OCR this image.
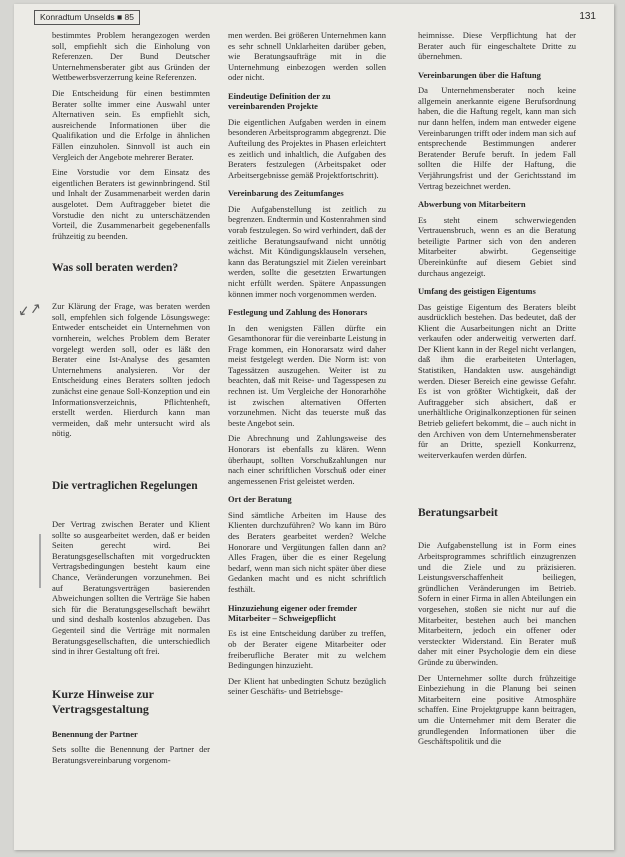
Konradtum Unselds ■ 85	131
↙↗

bestimmtes Problem herangezogen werden soll, empfiehlt sich die Einholung von Referenzen. Der Bund Deutscher Unternehmensberater gibt aus Gründen der Wettbewerbsverzerrung keine Referenzen.

Die Entscheidung für einen bestimmten Berater sollte immer eine Auswahl unter Alternativen sein. Es empfiehlt sich, ausreichende Informationen über die Qualifikation und die Erfolge in ähnlichen Fällen einzuholen. Sinnvoll ist auch ein Vergleich der Angebote mehrerer Berater.

Eine Vorstudie vor dem Einsatz des eigentlichen Beraters ist gewinnbringend. Stil und Inhalt der Zusammenarbeit werden darin ausgelotet. Dem Auftraggeber bietet die Vorstudie den nicht zu unterschätzenden Vorteil, die Zusammenarbeit gegebenenfalls frühzeitig zu beenden.

Was soll beraten werden?

Zur Klärung der Frage, was beraten werden soll, empfehlen sich folgende Lösungswege: Entweder entscheidet ein Unternehmen von vornherein, welches Problem dem Berater vorgelegt werden soll, oder es läßt den Berater eine Ist-Analyse des gesamten Unternehmens analysieren. Vor der Entscheidung eines Beraters sollten jedoch zunächst eine genaue Soll-Konzeption und ein Informationsverzeichnis, Pflichtenheft, erstellt werden. Hierdurch kann man vermeiden, daß mehr untersucht wird als nötig.

Die vertraglichen Regelungen

Der Vertrag zwischen Berater und Klient sollte so ausgearbeitet werden, daß er beiden Seiten gerecht wird. Bei Beratungsgesellschaften mit vorgedruckten Vertragsbedingungen besteht kaum eine Chance, Veränderungen vorzunehmen. Bei auf Beratungsverträgen basierenden Abweichungen sollten die Verträge Sie haben sich für die Beratungsgesellschaft bewährt und sind deshalb kostenlos abzugeben. Das Gegenteil sind die Verträge mit normalen Beratungsgesellschaften, die unterschiedlich sind in ihrer Gestaltung oft frei.

Kurze Hinweise zur Vertragsgestaltung
Benennung der Partner

Sets sollte die Benennung der Partner der Beratungsvereinbarung vorgenom-

men werden. Bei größeren Unternehmen kann es sehr schnell Unklarheiten darüber geben, wie Beratungsaufträge mit in die Unternehmung einbezogen werden sollen oder nicht.

Eindeutige Definition der zu vereinbarenden Projekte

Die eigentlichen Aufgaben werden in einem besonderen Arbeitsprogramm abgegrenzt. Die Aufteilung des Projektes in Phasen erleichtert es zeitlich und inhaltlich, die Aufgaben des Beraters festzulegen (Arbeitspaket oder Arbeitsergebnisse gemäß Projektfortschritt).

Vereinbarung des Zeitumfanges

Die Aufgabenstellung ist zeitlich zu begrenzen. Endtermin und Kostenrahmen sind vorab festzulegen. So wird verhindert, daß der zeitliche Beratungsaufwand nicht unnötig wächst. Mit Kündigungsklauseln versehen, kann das Beratungsziel mit Zielen vereinbart werden, sollte die gesetzten Erwartungen nicht erfüllt werden. Spätere Anpassungen können immer noch vorgenommen werden.

Festlegung und Zahlung des Honorars

In den wenigsten Fällen dürfte ein Gesamthonorar für die vereinbarte Leistung in Frage kommen, ein Honorarsatz wird daher meist festgelegt werden. Die Norm ist: von Tagessätzen auszugehen. Weiter ist zu beachten, daß mit Reise- und Tagesspesen zu rechnen ist. Um Vergleiche der Honorarhöhe ist zwischen alternativen Offerten vorzunehmen. Nicht das teuerste muß das beste Angebot sein.

Die Abrechnung und Zahlungsweise des Honorars ist ebenfalls zu klären. Wenn überhaupt, sollten Vorschußzahlungen nur nach einer schriftlichen Vorschuß oder einer angemessenen Frist geleistet werden.

Ort der Beratung

Sind sämtliche Arbeiten im Hause des Klienten durchzuführen? Wo kann im Büro des Beraters gearbeitet werden? Welche Honorare und Vergütungen fallen dann an? Alles Fragen, über die es einer Regelung bedarf, wenn man sich nicht später über diese Gedanken macht und es nicht schriftlich festhält.

Hinzuziehung eigener oder fremder Mitarbeiter – Schweigepflicht

Es ist eine Entscheidung darüber zu treffen, ob der Berater eigene Mitarbeiter oder freiberufliche Berater mit zu welchem Bedingungen hinzuzieht.

Der Klient hat unbedingten Schutz bezüglich seiner Geschäfts- und Betriebsge-

heimnisse. Diese Verpflichtung hat der Berater auch für eingeschaltete Dritte zu übernehmen.

Vereinbarungen über die Haftung

Da Unternehmensberater noch keine allgemein anerkannte eigene Berufsordnung haben, die die Haftung regelt, kann man sich nur dann helfen, indem man entweder eigene Vereinbarungen trifft oder indem man sich auf entsprechende Bestimmungen anderer Beratender Berufe beruft. In jedem Fall sollten die Hilfe der Haftung, die Verjährungsfrist und der Gerichtsstand im Vertrag bezeichnet werden.

Abwerbung von Mitarbeitern

Es steht einem schwerwiegenden Vertrauensbruch, wenn es an die Beratung beteiligte Partner sich von den anderen Mitarbeiter abwirbt. Gegenseitige Übereinkünfte auf diesem Gebiet sind durchaus angezeigt.

Umfang des geistigen Eigentums

Das geistige Eigentum des Beraters bleibt ausdrücklich bestehen. Das bedeutet, daß der Klient die Ausarbeitungen nicht an Dritte verkaufen oder anderweitig verwerten darf. Der Klient kann in der Regel nicht verlangen, daß ihm die erarbeiteten Unterlagen, Statistiken, Handakten usw. ausgehändigt werden. Dieser Bereich eine gewisse Gefahr. Es ist von größter Wichtigkeit, daß der Auftraggeber sich absichert, daß er unerhältliche Originalkonzeptionen für seinen Betrieb geliefert bekommt, die – auch nicht in den Archiven von dem Unternehmensberater für an Dritte, speziell Konkurrenz, weiterverkaufen werden dürfen.

Beratungsarbeit

Die Aufgabenstellung ist in Form eines Arbeitsprogrammes schriftlich einzugrenzen und die Ziele und zu präzisieren. Leistungsverschaffenheit beiliegen, gründlichen Veränderungen im Betrieb. Sofern in einer Firma in allen Abteilungen ein vorgesehen, stoßen sie nicht nur auf die Mitarbeiter, bestehen auch bei manchen Mitarbeitern, jedoch ein offener oder versteckter Widerstand. Ein Berater muß daher mit einer Psychologie dem ein diese Gründe zu überwinden.

Der Unternehmer sollte durch frühzeitige Einbeziehung in die Planung bei seinen Mitarbeitern eine positive Atmosphäre schaffen. Eine Projektgruppe kann beitragen, um die Unternehmer mit dem Berater die grundlegenden Informationen über die Geschäftspolitik und die
